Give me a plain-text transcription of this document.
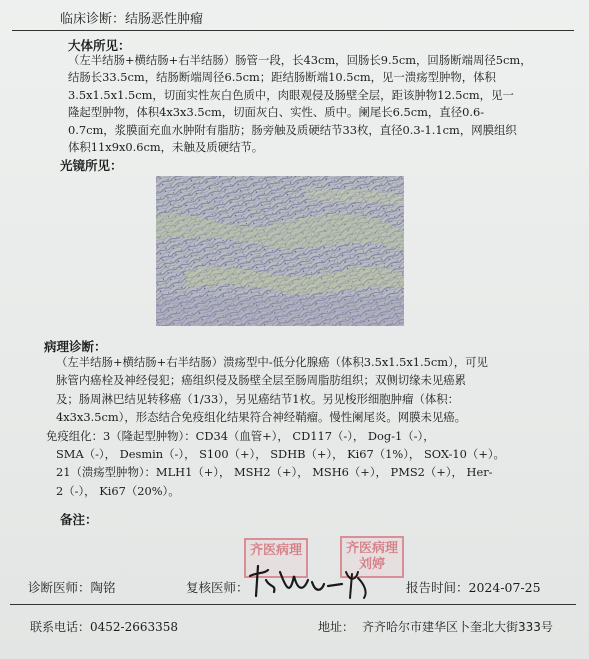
临床诊断：结肠恶性肿瘤
大体所见：
（左半结肠+横结肠+右半结肠）肠管一段，长43cm，回肠长9.5cm，回肠断端周径5cm，
结肠长33.5cm，结肠断端周径6.5cm；距结肠断端10.5cm，见一溃疡型肿物，体积
3.5x1.5x1.5cm，切面实性灰白色质中，肉眼观侵及肠壁全层，距该肿物12.5cm，见一
隆起型肿物，体积4x3x3.5cm，切面灰白、实性、质中。阑尾长6.5cm，直径0.6-
0.7cm，浆膜面充血水肿附有脂肪；肠旁触及质硬结节33枚，直径0.3-1.1cm，网膜组织
体积11x9x0.6cm，未触及质硬结节。
光镜所见：
病理诊断：
（左半结肠+横结肠+右半结肠）溃疡型中-低分化腺癌（体积3.5x1.5x1.5cm），可见
脉管内癌栓及神经侵犯；癌组织侵及肠壁全层至肠周脂肪组织；双侧切缘未见癌累
及；肠周淋巴结见转移癌（1/33），另见癌结节1枚。另见梭形细胞肿瘤（体积：
4x3x3.5cm），形态结合免疫组化结果符合神经鞘瘤。慢性阑尾炎。网膜未见癌。
免疫组化：3（隆起型肿物）：CD34（血管+）， CD117（-）， Dog-1（-），
SMA（-）， Desmin（-）， S100（+）， SDHB（+）， Ki67（1%）， SOX-10（+）。
21（溃疡型肿物）：MLH1（+）， MSH2（+）， MSH6（+）， PMS2（+）， Her-
2（-）， Ki67（20%）。
备注：
齐医病理	齐医病理
刘婷
诊断医师：陶铭	复核医师：	报告时间：2024-07-25
联系电话：0452-2663358	地址： 齐齐哈尔市建华区卜奎北大街333号
